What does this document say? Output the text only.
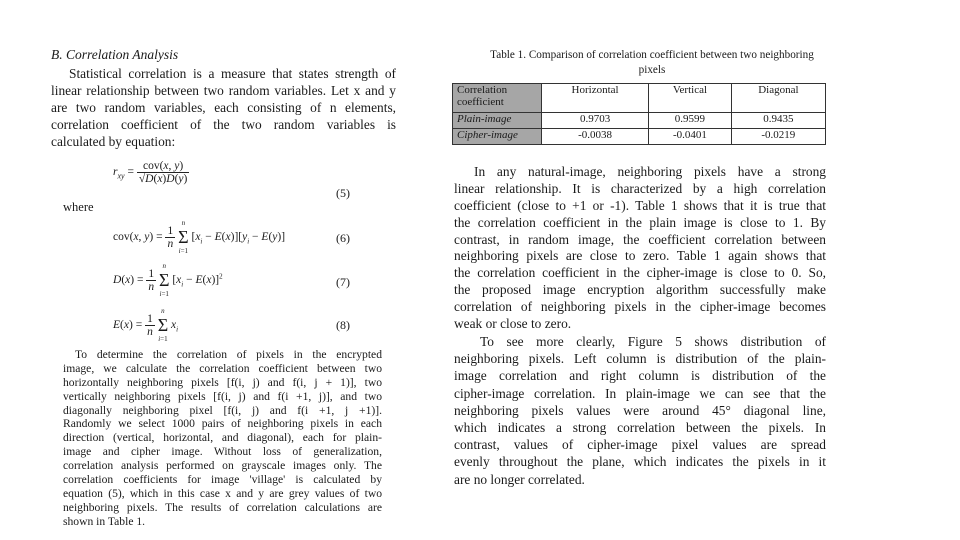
B. Correlation Analysis
Statistical correlation is a measure that states strength of
linear relationship between two random variables. Let x and y
are two random variables, each consisting of n elements,
correlation coefficient of the two random variables is
calculated by equation:
$r_{xy} = \frac{\text{cov(x, y)}}{√D(x)D(y)}$
(5)
where
cov(x, $y) = \frac{1}{n}$

n
Σ
i=1
$[x_i - E(x)][y_i - E(y)]$	(6)
$D(x) = \frac{1}{n}$

n
Σ
i=1
$[x_i - E(x)]^2$	(7)
$E(x) = \frac{1}{n}$

n
Σ
i=1
$x_i$	(8)
To determine the correlation of pixels in the encrypted
image, we calculate the correlation coefficient between two
horizontally neighboring pixels [f(i, j) and f(i, j + 1)], two
vertically neighboring pixels [f(i, j) and f(i +1, j)], and two
diagonally neighboring pixel [f(i, j) and f(i +1, j +1)].
Randomly we select 1000 pairs of neighboring pixels in each
direction (vertical, horizontal, and diagonal), each for plain-
image and cipher image. Without loss of generalization,
correlation analysis performed on grayscale images only. The
correlation coefficients for image 'village' is calculated by
equation (5), which in this case x and y are grey values of two
neighboring pixels. The results of correlation calculations are
shown in Table 1.
Table 1. Comparison of correlation coefficient between two neighboring
pixels
Correlation
coefficient	Horizontal	Vertical	Diagonal
Plain-image	0.9703	0.9599	0.9435
Cipher-image	-0.0038	-0.0401	-0.0219
In any natural-image, neighboring pixels have a strong
linear relationship. It is characterized by a high correlation
coefficient (close to +1 or -1). Table 1 shows that it is true that
the correlation coefficient in the plain image is close to 1. By
contrast, in random image, the coefficient correlation between
neighboring pixels are close to zero. Table 1 again shows that
the correlation coefficient in the cipher-image is close to 0. So,
the proposed image encryption algorithm successfully make
correlation of neighboring pixels in the cipher-image becomes
weak or close to zero.
To see more clearly, Figure 5 shows distribution of
neighboring pixels. Left column is distribution of the plain-
image correlation and right column is distribution of the
cipher-image correlation. In plain-image we can see that the
neighboring pixels values were around 45° diagonal line,
which indicates a strong correlation between the pixels. In
contrast, values of cipher-image pixel values are spread
evenly throughout the plane, which indicates the pixels in it
are no longer correlated.
